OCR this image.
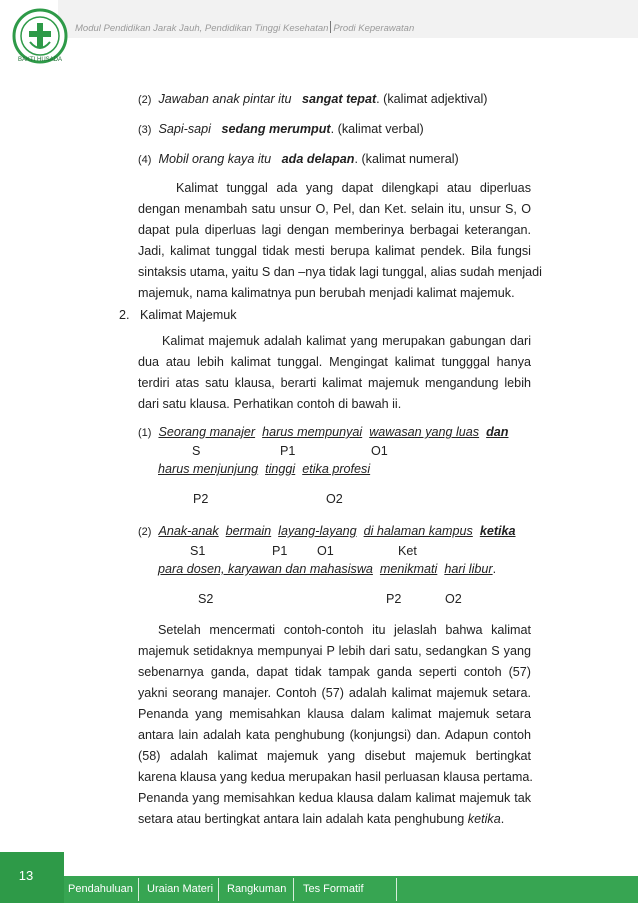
Modul Pendidikan Jarak Jauh, Pendidikan Tinggi Kesehatan Prodi Keperawatan
BAKTI HUSADA
(2) Jawaban anak pintar itu sangat tepat. (kalimat adjektival)
(3) Sapi-sapi sedang merumput. (kalimat verbal)
(4) Mobil orang kaya itu ada delapan. (kalimat numeral)
Kalimat tunggal ada yang dapat dilengkapi atau diperluas
dengan menambah satu unsur O, Pel, dan Ket. selain itu, unsur S, O
dapat pula diperluas lagi dengan memberinya berbagai keterangan.
Jadi, kalimat tunggal tidak mesti berupa kalimat pendek. Bila fungsi
sintaksis utama, yaitu S dan –nya tidak lagi tunggal, alias sudah menjadi
majemuk, nama kalimatnya pun berubah menjadi kalimat majemuk.
2. Kalimat Majemuk
Kalimat majemuk adalah kalimat yang merupakan gabungan dari
dua atau lebih kalimat tunggal. Mengingat kalimat tungggal hanya
terdiri atas satu klausa, berarti kalimat majemuk mengandung lebih
dari satu klausa. Perhatikan contoh di bawah ii.
(1) Seorang manajer harus mempunyai wawasan yang luas dan
S	P1	O1
harus menjunjung tinggi etika profesi
P2	O2
(2) Anak-anak bermain layang-layang di halaman kampus ketika
S1	P1 O1	Ket
para dosen, karyawan dan mahasiswa menikmati hari libur.
S2	P2	O2
Setelah mencermati contoh-contoh itu jelaslah bahwa kalimat
majemuk setidaknya mempunyai P lebih dari satu, sedangkan S yang
sebenarnya ganda, dapat tidak tampak ganda seperti contoh (57)
yakni seorang manajer. Contoh (57) adalah kalimat majemuk setara.
Penanda yang memisahkan klausa dalam kalimat majemuk setara
antara lain adalah kata penghubung (konjungsi) dan. Adapun contoh
(58) adalah kalimat majemuk yang disebut majemuk bertingkat
karena klausa yang kedua merupakan hasil perluasan klausa pertama.
Penanda yang memisahkan kedua klausa dalam kalimat majemuk tak
setara atau bertingkat antara lain adalah kata penghubung ketika.
13
Pendahuluan Uraian Materi Rangkuman Tes Formatif
